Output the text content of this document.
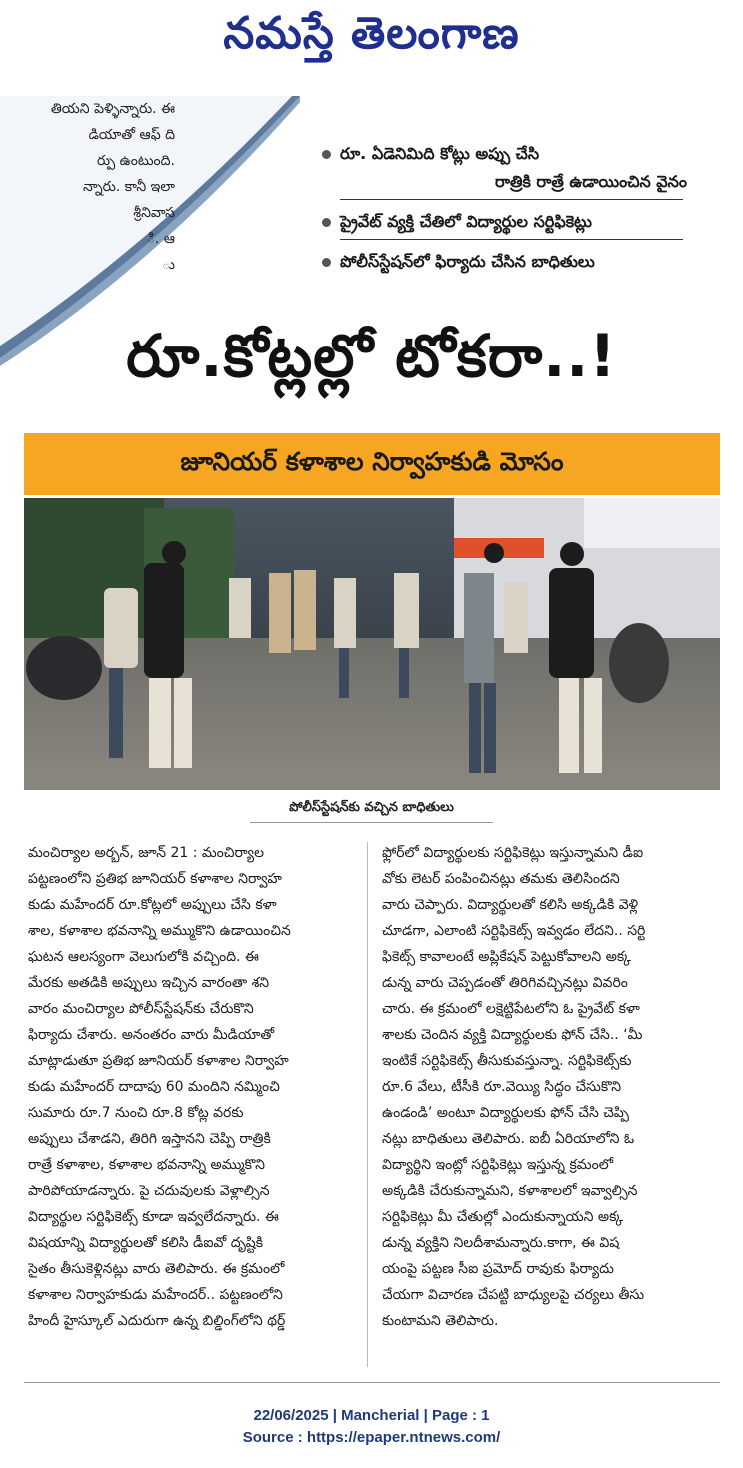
నమస్తే తెలంగాణ
తియని పెళ్ళిన్నారు. ఈ
డియాతో ఆఫ్ ది
ర్పు ఉంటుంది.
న్నారు. కానీ ఇలా
శ్రీనివాస
ి. ఆ
ు
రూ. ఏడెనిమిది కోట్లు అప్పు చేసి
రాత్రికి రాత్రే ఉడాయించిన వైనం
ప్రైవేట్ వ్యక్తి చేతిలో విద్యార్థుల సర్టిఫికెట్లు
పోలీస్‌స్టేషన్‌లో ఫిర్యాదు చేసిన బాధితులు
రూ.కోట్లల్లో టోకరా..!
జూనియర్ కళాశాల నిర్వాహకుడి మోసం
పోలీస్‌స్టేషన్‌కు వచ్చిన బాధితులు
మంచిర్యాల అర్బన్, జూన్ 21 : మంచిర్యాల
పట్టణంలోని ప్రతిభ జూనియర్ కళాశాల నిర్వాహ
కుడు మహేందర్ రూ.కోట్లలో అప్పులు చేసి కళా
శాల, కళాశాల భవనాన్ని అమ్ముకొని ఉడాయించిన
ఘటన ఆలస్యంగా వెలుగులోకి వచ్చింది. ఈ
మేరకు అతడికి అప్పులు ఇచ్చిన వారంతా శని
వారం మంచిర్యాల పోలీస్‌స్టేషన్‌కు చేరుకొని
ఫిర్యాదు చేశారు. అనంతరం వారు మీడియాతో
మాట్లాడుతూ ప్రతిభ జూనియర్ కళాశాల నిర్వాహ
కుడు మహేందర్ దాదాపు 60 మందిని నమ్మించి
సుమారు రూ.7 నుంచి రూ.8 కోట్ల వరకు
అప్పులు చేశాడని, తిరిగి ఇస్తానని చెప్పి రాత్రికి
రాత్రే కళాశాల, కళాశాల భవనాన్ని అమ్ముకొని
పారిపోయాడన్నారు. పై చదువులకు వెళ్లాల్సిన
విద్యార్థుల సర్టిఫికెట్స్ కూడా ఇవ్వలేదన్నారు. ఈ
విషయాన్ని విద్యార్థులతో కలిసి డీఐవో దృష్టికి
సైతం తీసుకెళ్లినట్లు వారు తెలిపారు. ఈ క్రమంలో
కళాశాల నిర్వాహకుడు మహేందర్.. పట్టణంలోని
హిందీ హైస్కూల్ ఎదురుగా ఉన్న బిల్డింగ్‌లోని థర్డ్
ఫ్లోర్‌లో విద్యార్థులకు సర్టిఫికెట్లు ఇస్తున్నామని డీఐ
వోకు లెటర్ పంపించినట్లు తమకు తెలిసిందని
వారు చెప్పారు. విద్యార్థులతో కలిసి అక్కడికి వెళ్లి
చూడగా, ఎలాంటి సర్టిఫికెట్స్ ఇవ్వడం లేదని.. సర్టి
ఫికెట్స్ కావాలంటే అప్లికేషన్ పెట్టుకోవాలని అక్క
డున్న వారు చెప్పడంతో తిరిగివచ్చినట్లు వివరిం
చారు. ఈ క్రమంలో లక్షెట్టిపేటలోని ఓ ప్రైవేట్ కళా
శాలకు చెందిన వ్యక్తి విద్యార్థులకు ఫోన్ చేసి.. ‘మీ
ఇంటికే సర్టిఫికెట్స్ తీసుకువస్తున్నా. సర్టిఫికెట్స్‌కు
రూ.6 వేలు, టీసీకి రూ.వెయ్యి సిద్ధం చేసుకొని
ఉండండి’ అంటూ విద్యార్థులకు ఫోన్ చేసి చెప్పి
నట్లు బాధితులు తెలిపారు. ఐబీ ఏరియాలోని ఓ
విద్యార్థిని ఇంట్లో సర్టిఫికెట్లు ఇస్తున్న క్రమంలో
అక్కడికి చేరుకున్నామని, కళాశాలలో ఇవ్వాల్సిన
సర్టిఫికెట్లు మీ చేతుల్లో ఎందుకున్నాయని అక్క
డున్న వ్యక్తిని నిలదీశామన్నారు.కాగా, ఈ విష
యంపై పట్టణ సీఐ ప్రమోద్ రావుకు ఫిర్యాదు
చేయగా విచారణ చేపట్టి బాధ్యులపై చర్యలు తీసు
కుంటామని తెలిపారు.
22/06/2025 | Mancherial | Page : 1
Source : https://epaper.ntnews.com/
